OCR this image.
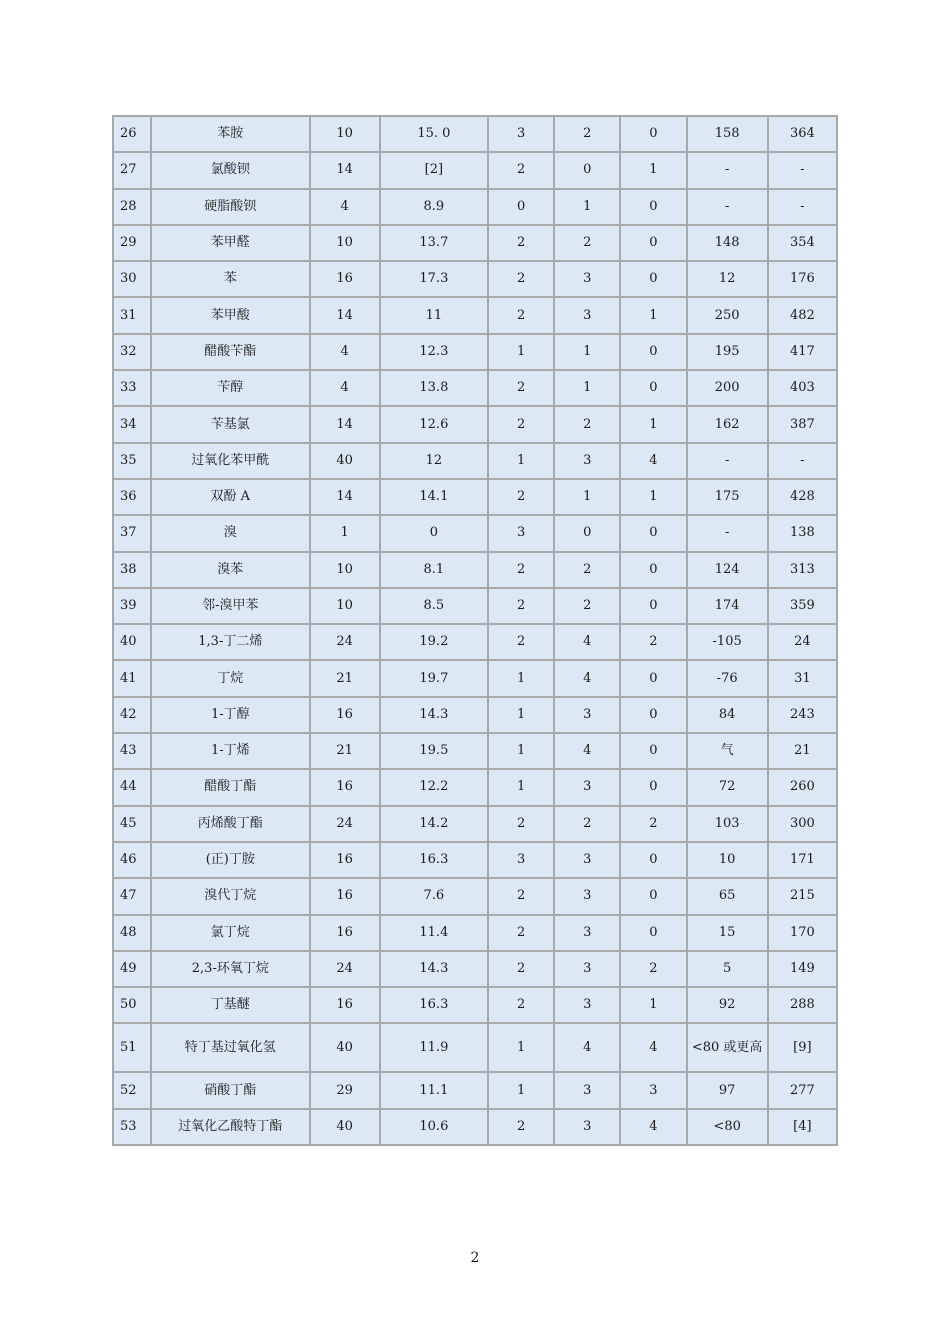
26	苯胺	10	15. 0	3	2	0	158	364
27	氯酸钡	14	[2]	2	0	1	-	-
28	硬脂酸钡	4	8.9	0	1	0	-	-
29	苯甲醛	10	13.7	2	2	0	148	354
30	苯	16	17.3	2	3	0	12	176
31	苯甲酸	14	11	2	3	1	250	482
32	醋酸苄酯	4	12.3	1	1	0	195	417
33	苄醇	4	13.8	2	1	0	200	403
34	苄基氯	14	12.6	2	2	1	162	387
35	过氧化苯甲酰	40	12	1	3	4	-	-
36	双酚 A	14	14.1	2	1	1	175	428
37	溴	1	0	3	0	0	-	138
38	溴苯	10	8.1	2	2	0	124	313
39	邻-溴甲苯	10	8.5	2	2	0	174	359
40	1,3-丁二烯	24	19.2	2	4	2	-105	24
41	丁烷	21	19.7	1	4	0	-76	31
42	1-丁醇	16	14.3	1	3	0	84	243
43	1-丁烯	21	19.5	1	4	0	气	21
44	醋酸丁酯	16	12.2	1	3	0	72	260
45	丙烯酸丁酯	24	14.2	2	2	2	103	300
46	(正)丁胺	16	16.3	3	3	0	10	171
47	溴代丁烷	16	7.6	2	3	0	65	215
48	氯丁烷	16	11.4	2	3	0	15	170
49	2,3-环氧丁烷	24	14.3	2	3	2	5	149
50	丁基醚	16	16.3	2	3	1	92	288
51	特丁基过氧化氢	40	11.9	1	4	4	<80 或更高	[9]
52	硝酸丁酯	29	11.1	1	3	3	97	277
53	过氧化乙酸特丁酯	40	10.6	2	3	4	<80	[4]
2
